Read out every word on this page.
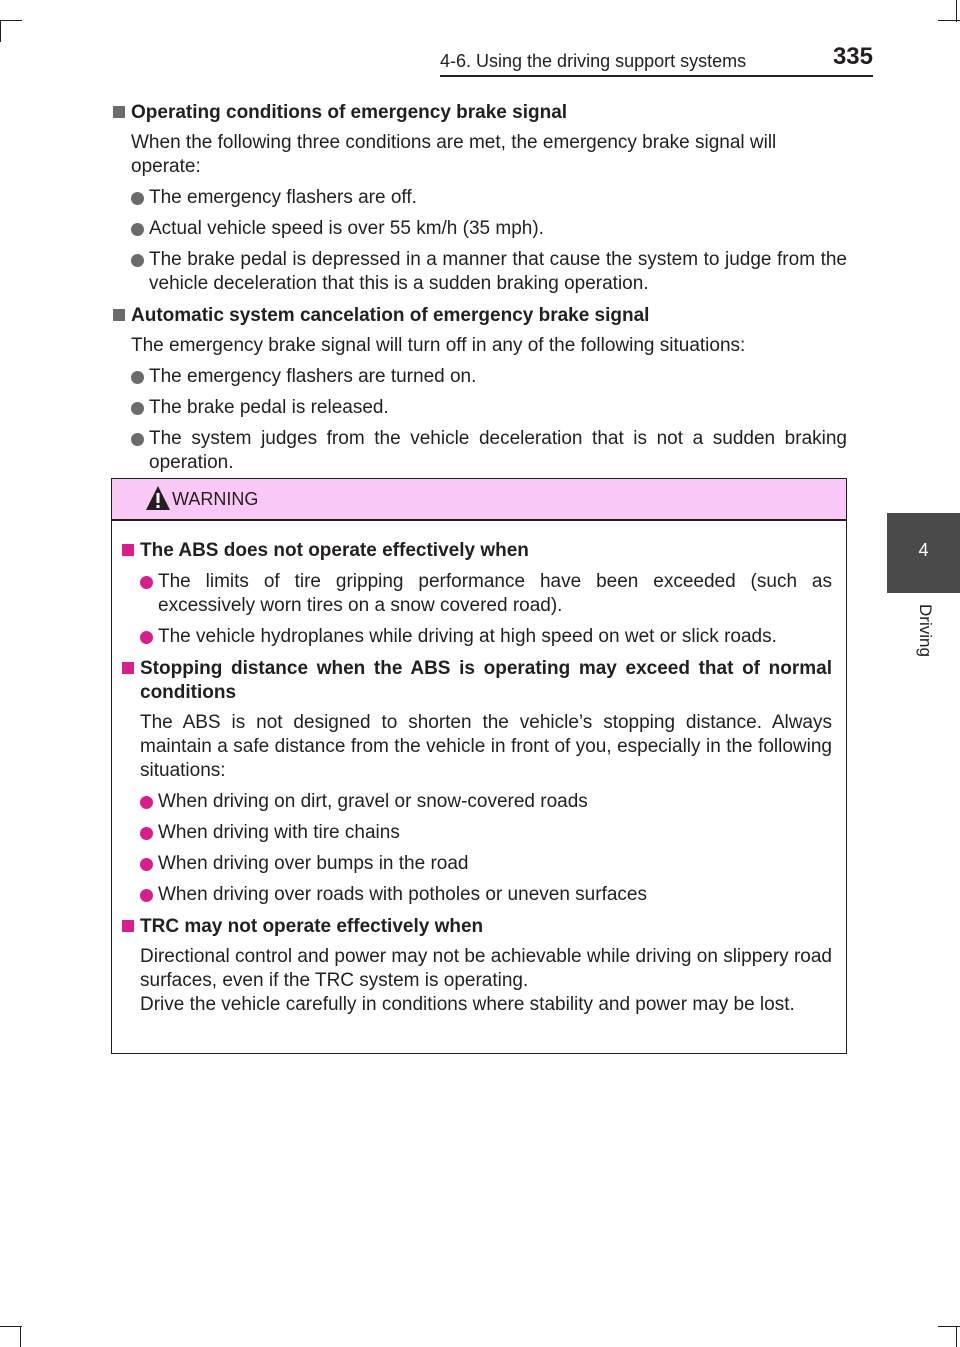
4-6. Using the driving support systems	335
4
Driving
Operating conditions of emergency brake signal
When the following three conditions are met, the emergency brake signal will operate:
The emergency flashers are off.
Actual vehicle speed is over 55 km/h (35 mph).
The brake pedal is depressed in a manner that cause the system to judge from the vehicle deceleration that this is a sudden braking operation.
Automatic system cancelation of emergency brake signal
The emergency brake signal will turn off in any of the following situations:
The emergency flashers are turned on.
The brake pedal is released.
The system judges from the vehicle deceleration that is not a sudden braking operation.
WARNING
The ABS does not operate effectively when
The limits of tire gripping performance have been exceeded (such as excessively worn tires on a snow covered road).
The vehicle hydroplanes while driving at high speed on wet or slick roads.
Stopping distance when the ABS is operating may exceed that of normal conditions
The ABS is not designed to shorten the vehicle’s stopping distance. Always maintain a safe distance from the vehicle in front of you, especially in the following situations:
When driving on dirt, gravel or snow-covered roads
When driving with tire chains
When driving over bumps in the road
When driving over roads with potholes or uneven surfaces
TRC may not operate effectively when
Directional control and power may not be achievable while driving on slippery road surfaces, even if the TRC system is operating.
Drive the vehicle carefully in conditions where stability and power may be lost.
